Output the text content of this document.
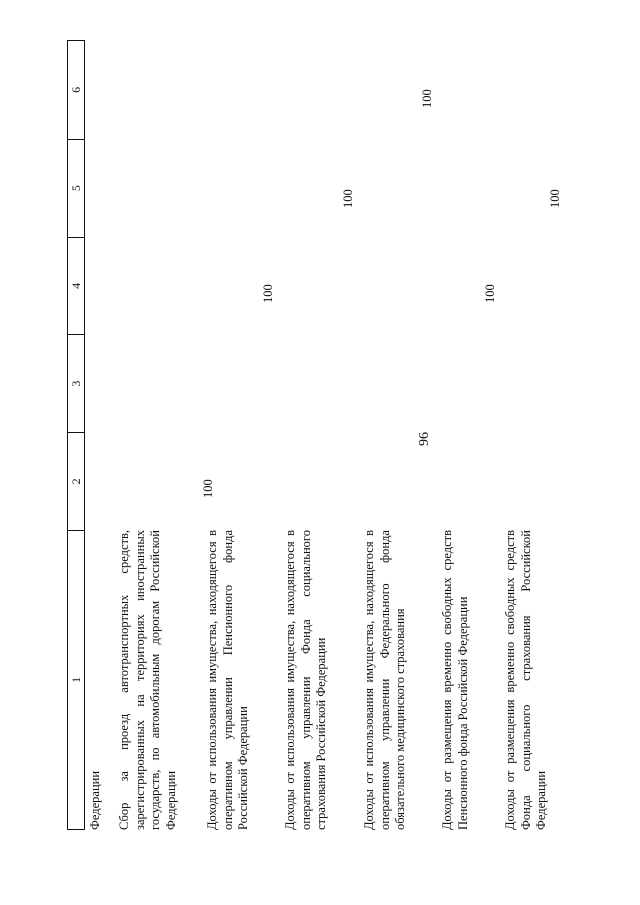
96
1
2
3
4
5
6
Федерации Сбор за проезд автотранспортных средств, зарегистрированных на территориях иностранных государств, по автомобильным дорогам Российской Федерации
100
Доходы от использования имущества, находящегося в оперативном управлении Пенсионного фонда Российской Федерации
100
Доходы от использования имущества, находящегося в оперативном управлении Фонда социального страхования Российской Федерации
100
Доходы от использования имущества, находящегося в оперативном управлении Федерального фонда обязательного медицинского страхования
100
Доходы от размещения временно свободных средств Пенсионного фонда Российской Федерации
100
Доходы от размещения временно свободных средств Фонда социального страхования Российской Федерации
100
